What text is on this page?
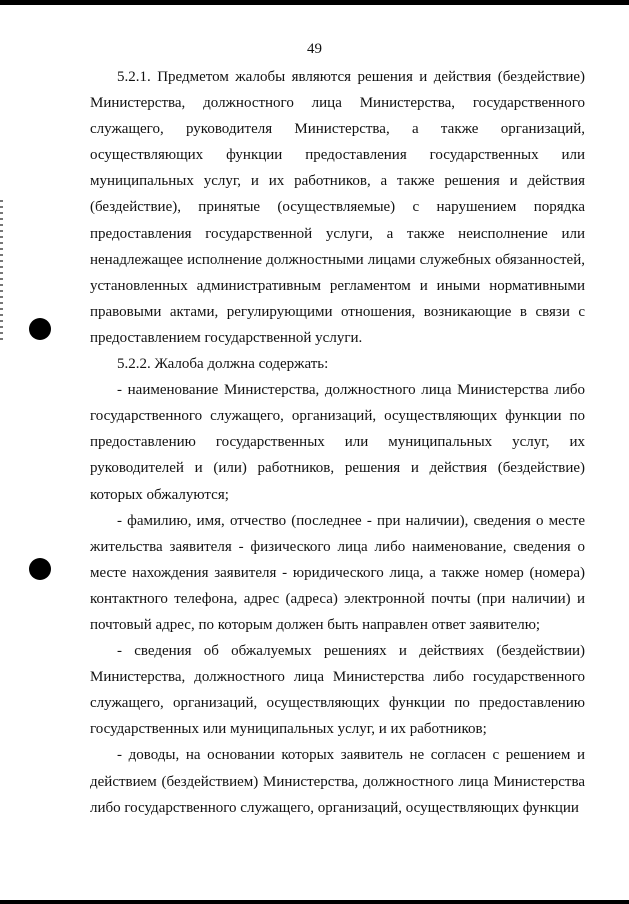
49

5.2.1. Предметом жалобы являются решения и действия (бездействие) Министерства, должностного лица Министерства, государственного служащего, руководителя Министерства, а также организаций, осуществляющих функции предоставления государственных или муниципальных услуг, и их работников, а также решения и действия (бездействие), принятые (осуществляемые) с нарушением порядка предоставления государственной услуги, а также неисполнение или ненадлежащее исполнение должностными лицами служебных обязанностей, установленных административным регламентом и иными нормативными правовыми актами, регулирующими отношения, возникающие в связи с предоставлением государственной услуги.

5.2.2. Жалоба должна содержать:

- наименование Министерства, должностного лица Министерства либо государственного служащего, организаций, осуществляющих функции по предоставлению государственных или муниципальных услуг, их руководителей и (или) работников, решения и действия (бездействие) которых обжалуются;

- фамилию, имя, отчество (последнее - при наличии), сведения о месте жительства заявителя - физического лица либо наименование, сведения о месте нахождения заявителя - юридического лица, а также номер (номера) контактного телефона, адрес (адреса) электронной почты (при наличии) и почтовый адрес, по которым должен быть направлен ответ заявителю;

- сведения об обжалуемых решениях и действиях (бездействии) Министерства, должностного лица Министерства либо государственного служащего, организаций, осуществляющих функции по предоставлению государственных или муниципальных услуг, и их работников;

- доводы, на основании которых заявитель не согласен с решением и действием (бездействием) Министерства, должностного лица Министерства либо государственного служащего, организаций, осуществляющих функции
